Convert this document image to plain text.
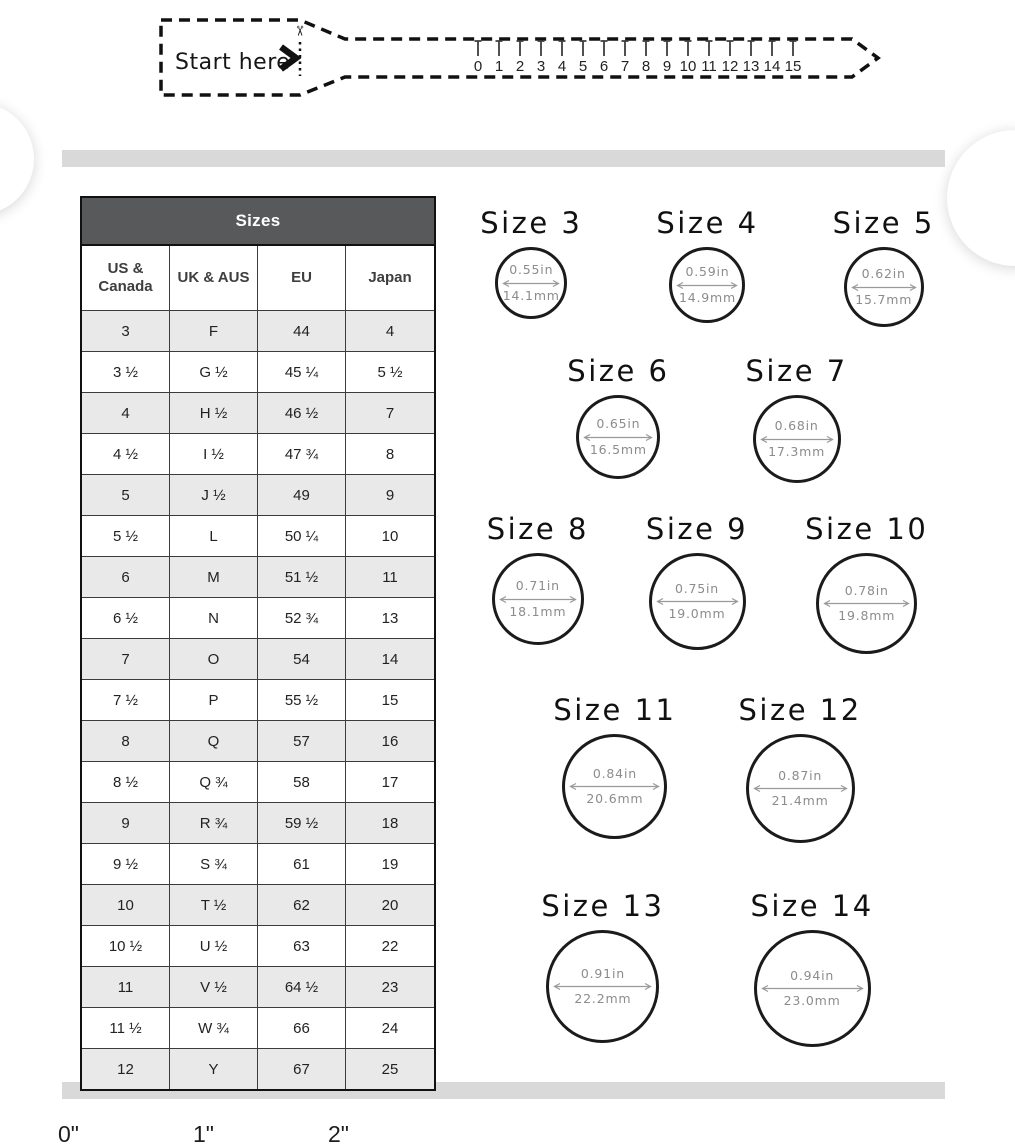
Start here
✂
0 1 2 3 4 5 6 7 8 9 10 11 12 13 14 15
Sizes
US & Canada
UK & AUS	EU	Japan
3	F	44	4
3 ½	G ½	45 ¼	5 ½
4	H ½	46 ½	7
4 ½	I ½	47 ¾	8
5	J ½	49	9
5 ½	L	50 ¼	10
6	M	51 ½	11
6 ½	N	52 ¾	13
7	O	54	14
7 ½	P	55 ½	15
8	Q	57	16
8 ½	Q ¾	58	17
9	R ¾	59 ½	18
9 ½	S ¾	61	19
10	T ½	62	20
10 ½	U ½	63	22
11	V ½	64 ½	23
11 ½	W ¾	66	24
12	Y	67	25
Size 3
0.55in
14.1mm
Size 4
0.59in
14.9mm
Size 5
0.62in
15.7mm
Size 6
0.65in
16.5mm
Size 7
0.68in
17.3mm
Size 8
0.71in
18.1mm
Size 9
0.75in
19.0mm
Size 10
0.78in
19.8mm
Size 11
0.84in
20.6mm
Size 12
0.87in
21.4mm
Size 13
0.91in
22.2mm
Size 14
0.94in
23.0mm
0"	1"	2"
